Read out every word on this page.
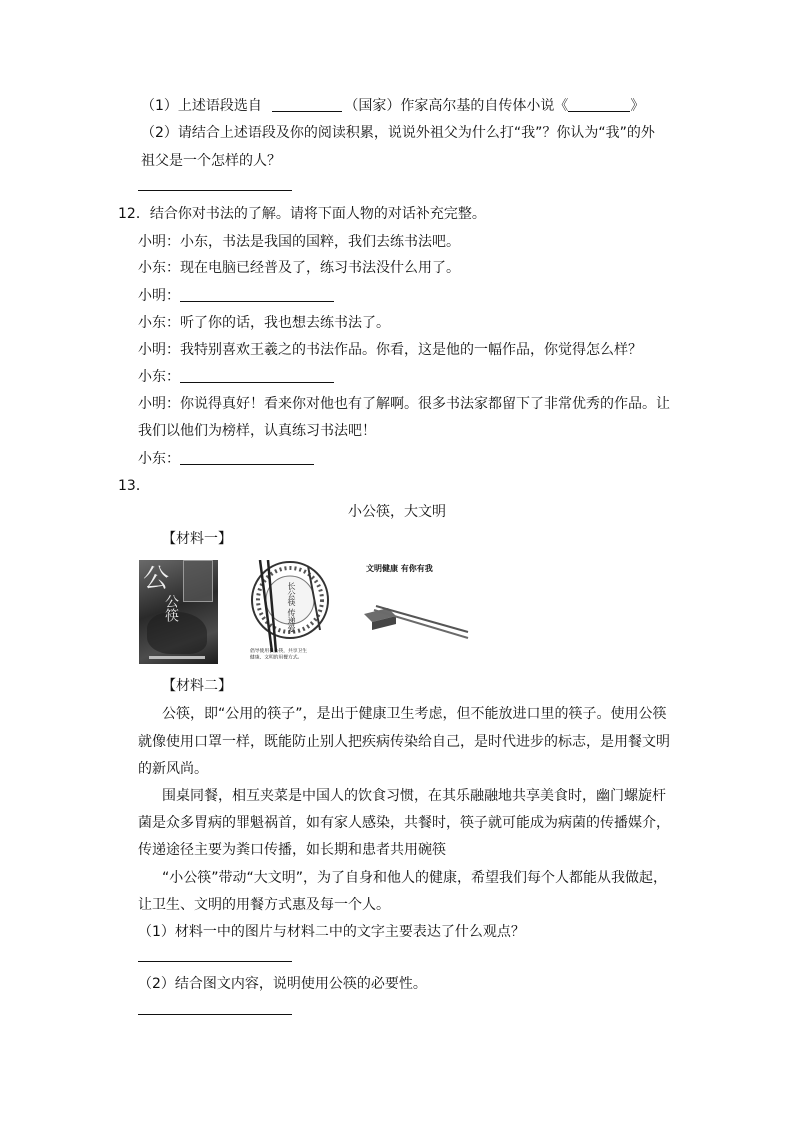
（1）上述语段选自	（国家）作家高尔基的自传体小说《	》
（2）请结合上述语段及你的阅读积累，说说外祖父为什么打“我”？你认为“我”的外
祖父是一个怎样的人？
12．结合你对书法的了解。请将下面人物的对话补充完整。
小明：小东，书法是我国的国粹，我们去练书法吧。
小东：现在电脑已经普及了，练习书法没什么用了。
小明：
小东：听了你的话，我也想去练书法了。
小明：我特别喜欢王羲之的书法作品。你看，这是他的一幅作品，你觉得怎么样？
小东：
小明：你说得真好！看来你对他也有了解啊。很多书法家都留下了非常优秀的作品。让
我们以他们为榜样，认真练习书法吧！
小东：
13．
小公筷，大文明
【材料一】
公
公筷	长公筷 传递爱
倡导使用长公筷，共享卫生
健康、文明的用餐方式。
文明健康 有你有我
【材料二】
公筷，即“公用的筷子”，是出于健康卫生考虑，但不能放进口里的筷子。使用公筷
就像使用口罩一样，既能防止别人把疾病传染给自己，是时代进步的标志，是用餐文明
的新风尚。
围桌同餐，相互夹菜是中国人的饮食习惯，在其乐融融地共享美食时，幽门螺旋杆
菌是众多胃病的罪魁祸首，如有家人感染，共餐时，筷子就可能成为病菌的传播媒介，
传递途径主要为粪口传播，如长期和患者共用碗筷
“小公筷”带动“大文明”，为了自身和他人的健康，希望我们每个人都能从我做起，
让卫生、文明的用餐方式惠及每一个人。
（1）材料一中的图片与材料二中的文字主要表达了什么观点？
（2）结合图文内容，说明使用公筷的必要性。
